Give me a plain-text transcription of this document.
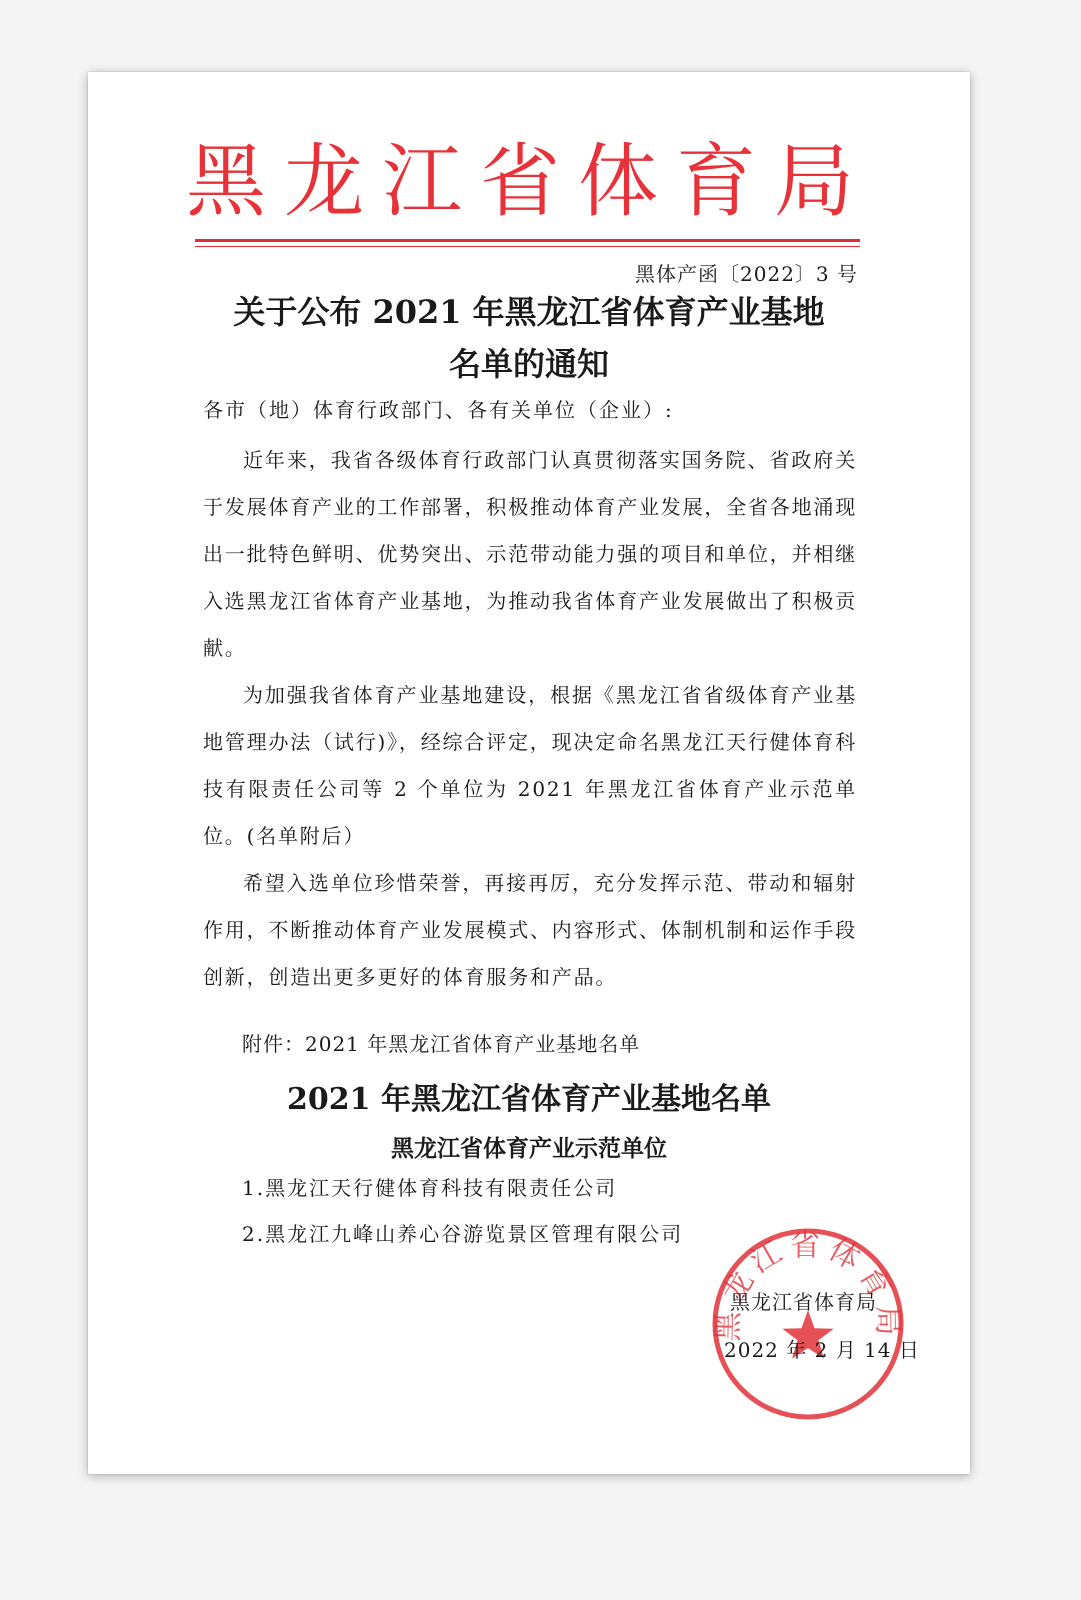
黑龙江省体育局
黑体产函〔2022〕3 号
关于公布 2021 年黑龙江省体育产业基地
名单的通知
各市（地）体育行政部门、各有关单位（企业）:

近年来，我省各级体育行政部门认真贯彻落实国务院、省政府关于发展体育产业的工作部署，积极推动体育产业发展，全省各地涌现出一批特色鲜明、优势突出、示范带动能力强的项目和单位，并相继入选黑龙江省体育产业基地，为推动我省体育产业发展做出了积极贡献。

为加强我省体育产业基地建设，根据《黑龙江省省级体育产业基地管理办法（试行)》，经综合评定，现决定命名黑龙江天行健体育科技有限责任公司等 2 个单位为 2021 年黑龙江省体育产业示范单位。(名单附后）

希望入选单位珍惜荣誉，再接再厉，充分发挥示范、带动和辐射作用，不断推动体育产业发展模式、内容形式、体制机制和运作手段创新，创造出更多更好的体育服务和产品。

附件：2021 年黑龙江省体育产业基地名单
2021 年黑龙江省体育产业基地名单
黑龙江省体育产业示范单位
1.黑龙江天行健体育科技有限责任公司
2.黑龙江九峰山养心谷游览景区管理有限公司
黑龙江省体育局
黑龙江省体育局
2022 年 2 月 14 日
